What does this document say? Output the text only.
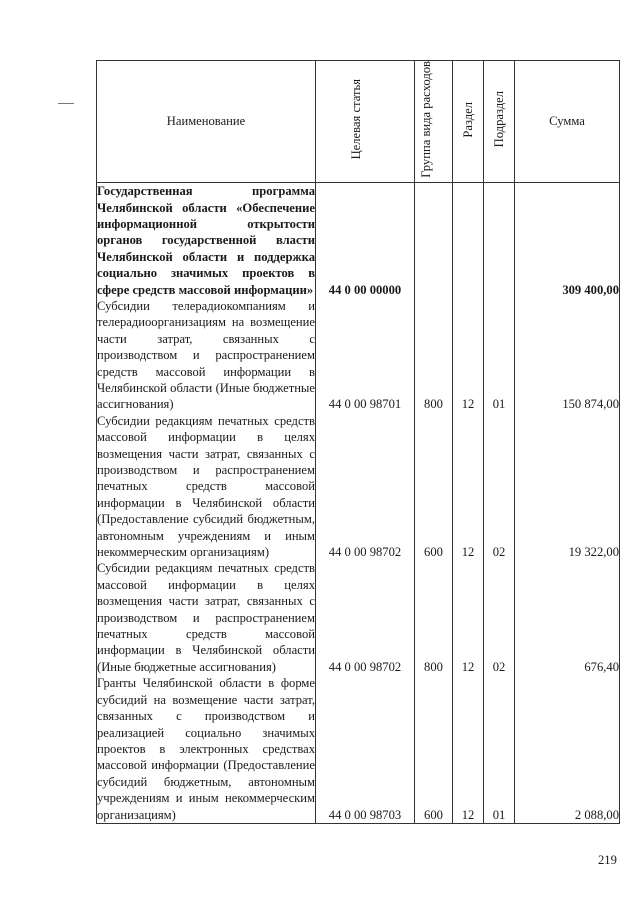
Наименование	Целевая статья	Группа вида расходов	Раздел	Подраздел	Сумма

Государственная программа Челябинской области «Обеспечение информационной открытости органов государственной власти Челябинской области и поддержка социально значимых проектов в сфере средств массовой информации»	44 0 00 00000				309 400,00

Субсидии телерадиокомпаниям и телерадиоорганизациям на возмещение части затрат, связанных с производством и распространением средств массовой информации в Челябинской области (Иные бюджетные ассигнования)	44 0 00 98701	800	12	01	150 874,00

Субсидии редакциям печатных средств массовой информации в целях возмещения части затрат, связанных с производством и распространением печатных средств массовой информации в Челябинской области (Предоставление субсидий бюджетным, автономным учреждениям и иным некоммерческим организациям)	44 0 00 98702	600	12	02	19 322,00

Субсидии редакциям печатных средств массовой информации в целях возмещения части затрат, связанных с производством и распространением печатных средств массовой информации в Челябинской области (Иные бюджетные ассигнования)	44 0 00 98702	800	12	02	676,40

Гранты Челябинской области в форме субсидий на возмещение части затрат, связанных с производством и реализацией социально значимых проектов в электронных средствах массовой информации (Предоставление субсидий бюджетным, автономным учреждениям и иным некоммерческим организациям)	44 0 00 98703	600	12	01	2 088,00
219
